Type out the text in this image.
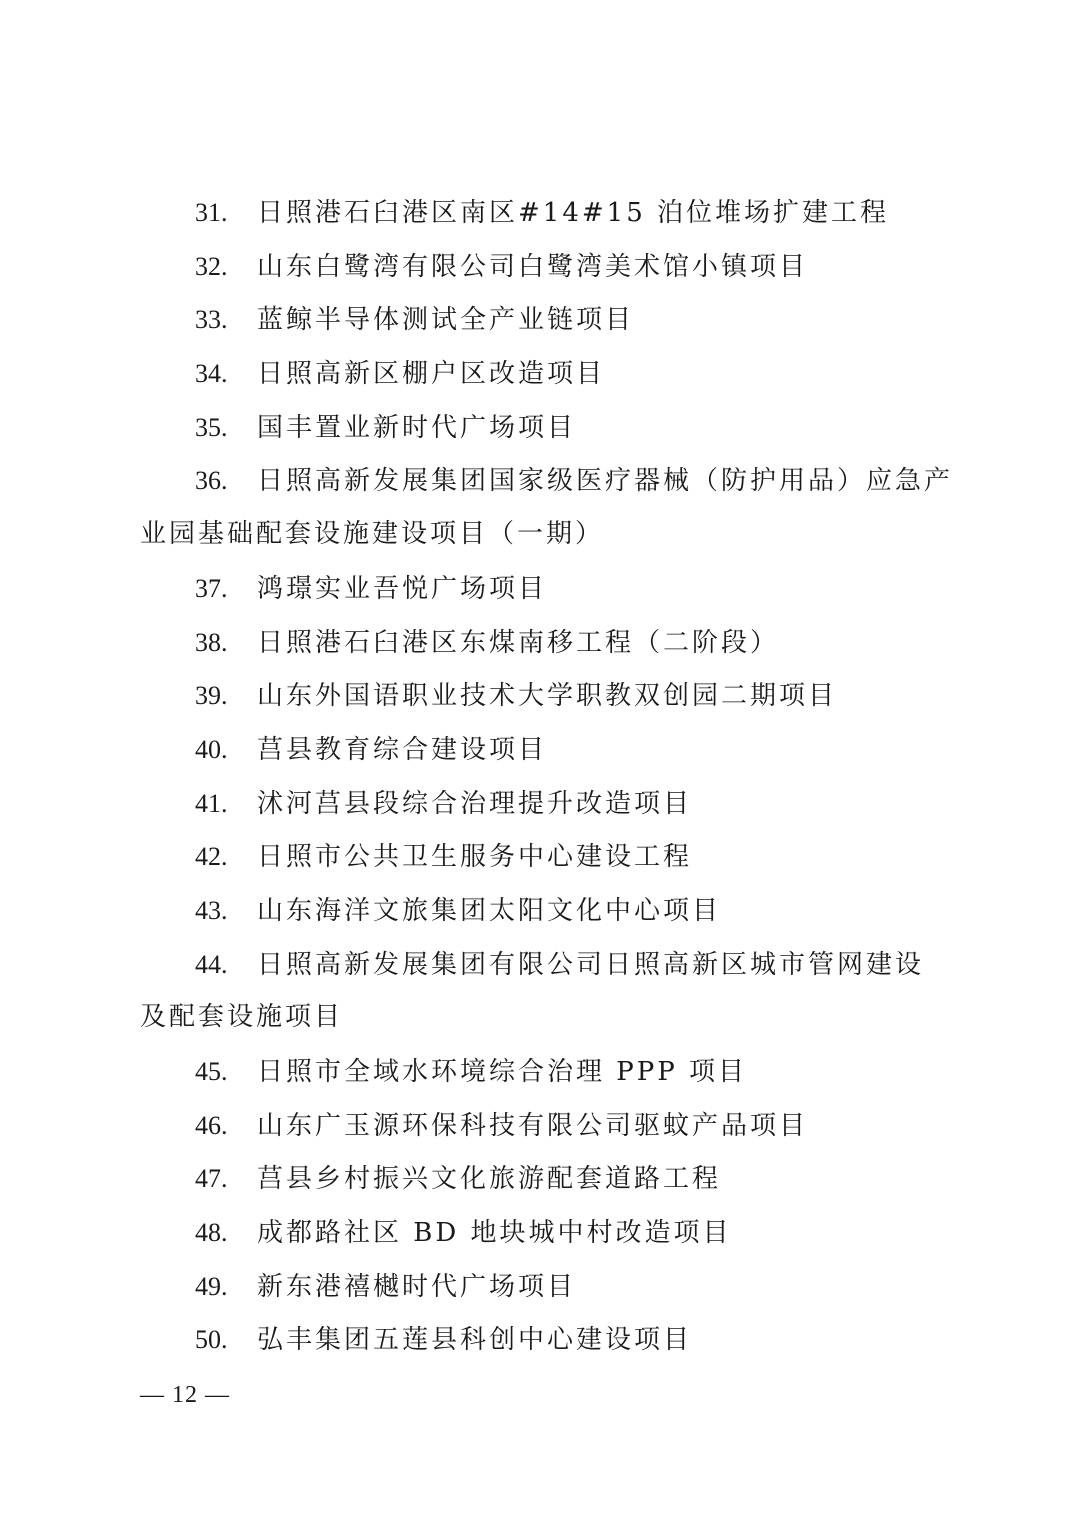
31. 日照港石臼港区南区#14#15 泊位堆场扩建工程
32. 山东白鹭湾有限公司白鹭湾美术馆小镇项目
33. 蓝鲸半导体测试全产业链项目
34. 日照高新区棚户区改造项目
35. 国丰置业新时代广场项目
36. 日照高新发展集团国家级医疗器械（防护用品）应急产
业园基础配套设施建设项目（一期）
37. 鸿璟实业吾悦广场项目
38. 日照港石臼港区东煤南移工程（二阶段）
39. 山东外国语职业技术大学职教双创园二期项目
40. 莒县教育综合建设项目
41. 沭河莒县段综合治理提升改造项目
42. 日照市公共卫生服务中心建设工程
43. 山东海洋文旅集团太阳文化中心项目
44. 日照高新发展集团有限公司日照高新区城市管网建设
及配套设施项目
45. 日照市全域水环境综合治理 PPP 项目
46. 山东广玉源环保科技有限公司驱蚊产品项目
47. 莒县乡村振兴文化旅游配套道路工程
48. 成都路社区 BD 地块城中村改造项目
49. 新东港禧樾时代广场项目
50. 弘丰集团五莲县科创中心建设项目
— 12 —
